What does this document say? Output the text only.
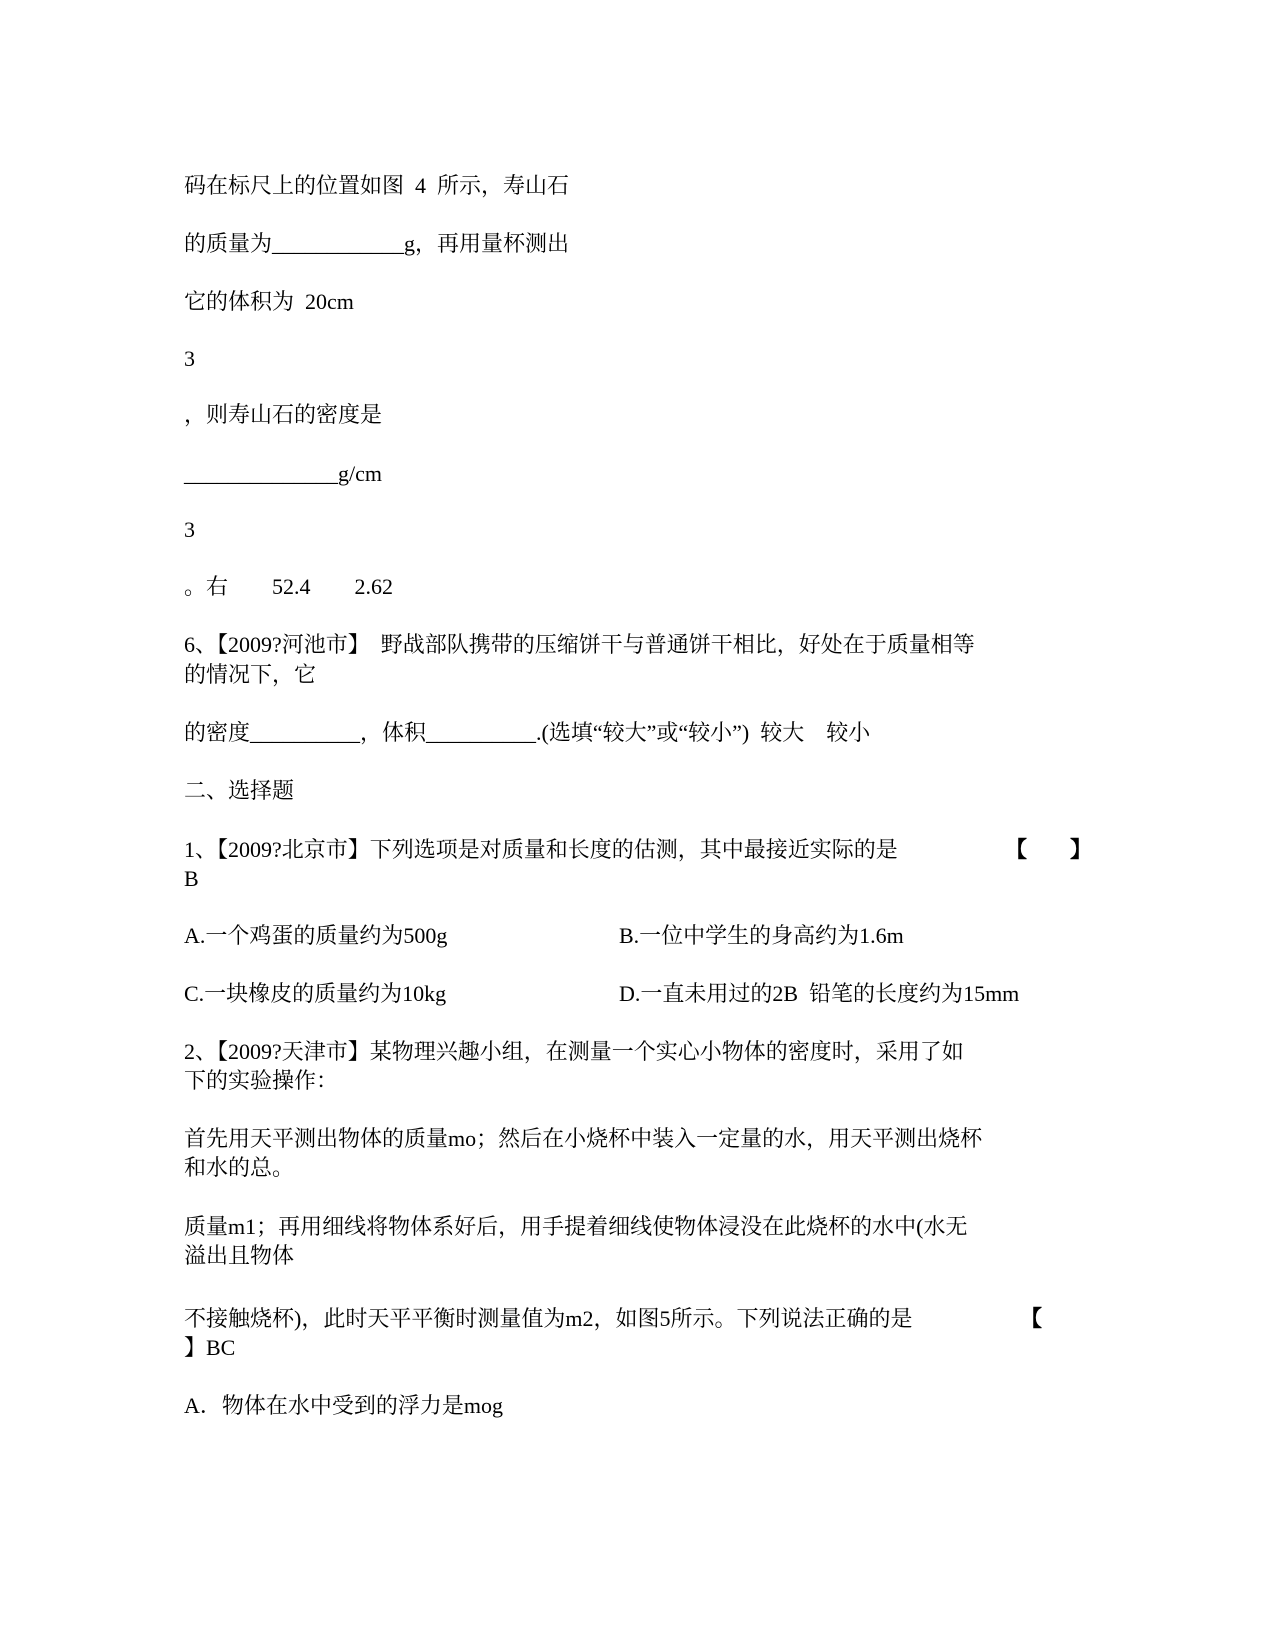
码在标尺上的位置如图  4  所示，寿山石

的质量为____________g，再用量杯测出

它的体积为  20cm

3

，则寿山石的密度是

______________g/cm

3

。右        52.4        2.62

6、【2009?河池市】  野战部队携带的压缩饼干与普通饼干相比，好处在于质量相等

的情况下，它

的密度__________，体积__________.(选填“较大”或“较小”)  较大    较小

二、选择题

1、【2009?北京市】下列选项是对质量和长度的估测，其中最接近实际的是	【 】

B

A.一个鸡蛋的质量约为500g	B.一位中学生的身高约为1.6m

C.一块橡皮的质量约为10kg	D.一直未用过的2B  铅笔的长度约为15mm

2、【2009?天津市】某物理兴趣小组，在测量一个实心小物体的密度时，采用了如

下的实验操作：

首先用天平测出物体的质量mo；然后在小烧杯中装入一定量的水，用天平测出烧杯

和水的总。

质量m1；再用细线将物体系好后，用手提着细线使物体浸没在此烧杯的水中(水无

溢出且物体

不接触烧杯)，此时天平平衡时测量值为m2，如图5所示。下列说法正确的是	【

】BC

A．物体在水中受到的浮力是mog
